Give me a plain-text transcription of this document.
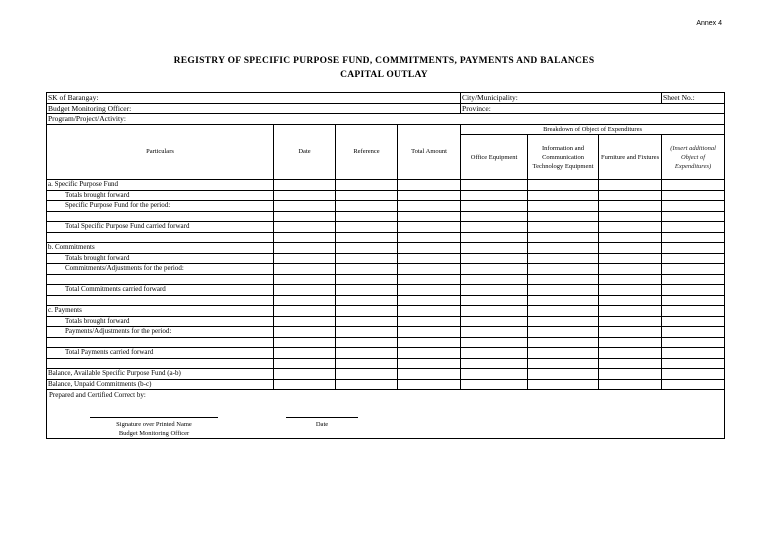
Annex 4
REGISTRY OF SPECIFIC PURPOSE FUND, COMMITMENTS, PAYMENTS AND BALANCES
CAPITAL OUTLAY
SK of Barangay:				City/Municipality:			Sheet No.:
Budget Monitoring Officer:				Province:			
Program/Project/Activity:							
Particulars	Date	Reference	Total Amount	Breakdown of Object of Expenditures			
				Office Equipment	Information and Communication Technology Equipment	Furniture and Fixtures	(Insert additional Object of Expenditures)
a. Specific Purpose Fund							
Totals brought forward							
Specific Purpose Fund for the period:							

Total Specific Purpose Fund carried forward							

b. Commitments							
Totals brought forward							
Commitments/Adjustments for the period:							

Total Commitments carried forward							

c. Payments							
Totals brought forward							
Payments/Adjustments for the period:							

Total Payments carried forward							

Balance, Available Specific Purpose Fund (a-b)							
Balance, Unpaid Commitments (b-c)							

Prepared and Certified Correct by:
Signature over Printed Name
Budget Monitoring Officer
Date							
